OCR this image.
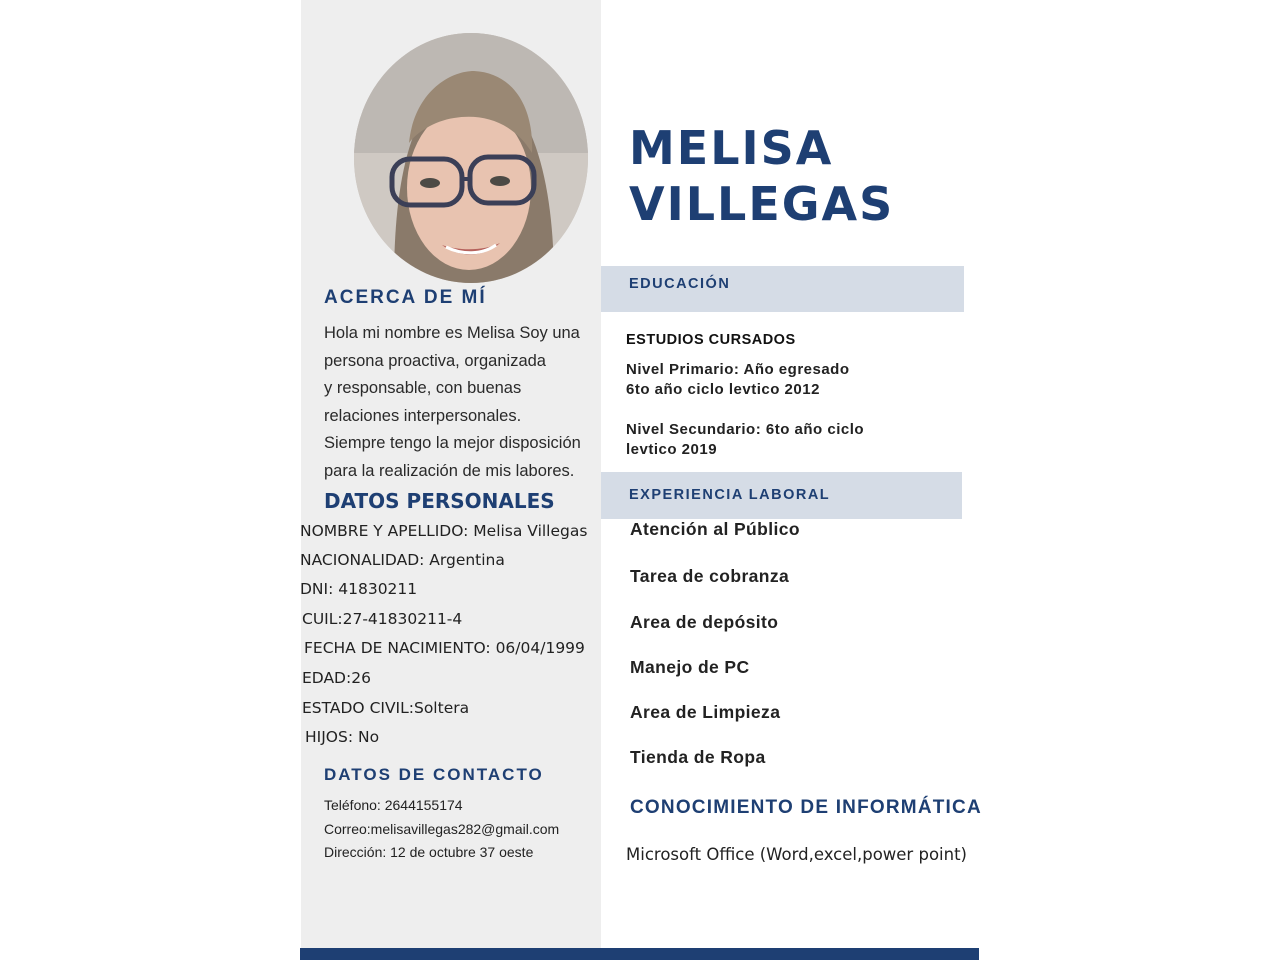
ACERCA DE MÍ
Hola mi nombre es Melisa Soy una
persona proactiva, organizada
y responsable, con buenas
relaciones interpersonales.
Siempre tengo la mejor disposición
para la realización de mis labores.
DATOS PERSONALES
NOMBRE Y APELLIDO: Melisa Villegas
NACIONALIDAD: Argentina
DNI: 41830211
CUIL:27-41830211-4
FECHA DE NACIMIENTO: 06/04/1999
EDAD:26
ESTADO CIVIL:Soltera
HIJOS: No
DATOS DE CONTACTO
Teléfono: 2644155174
Correo:melisavillegas282@gmail.com
Dirección: 12 de octubre 37 oeste
MELISA
VILLEGAS
EDUCACIÓN
ESTUDIOS CURSADOS
Nivel Primario: Año egresado
6to año ciclo levtico 2012
Nivel Secundario: 6to año ciclo
levtico 2019
EXPERIENCIA LABORAL
Atención al Público
Tarea de cobranza
Area de depósito
Manejo de PC
Area de Limpieza
Tienda de Ropa
CONOCIMIENTO DE INFORMÁTICA
Microsoft Office (Word,excel,power point)
